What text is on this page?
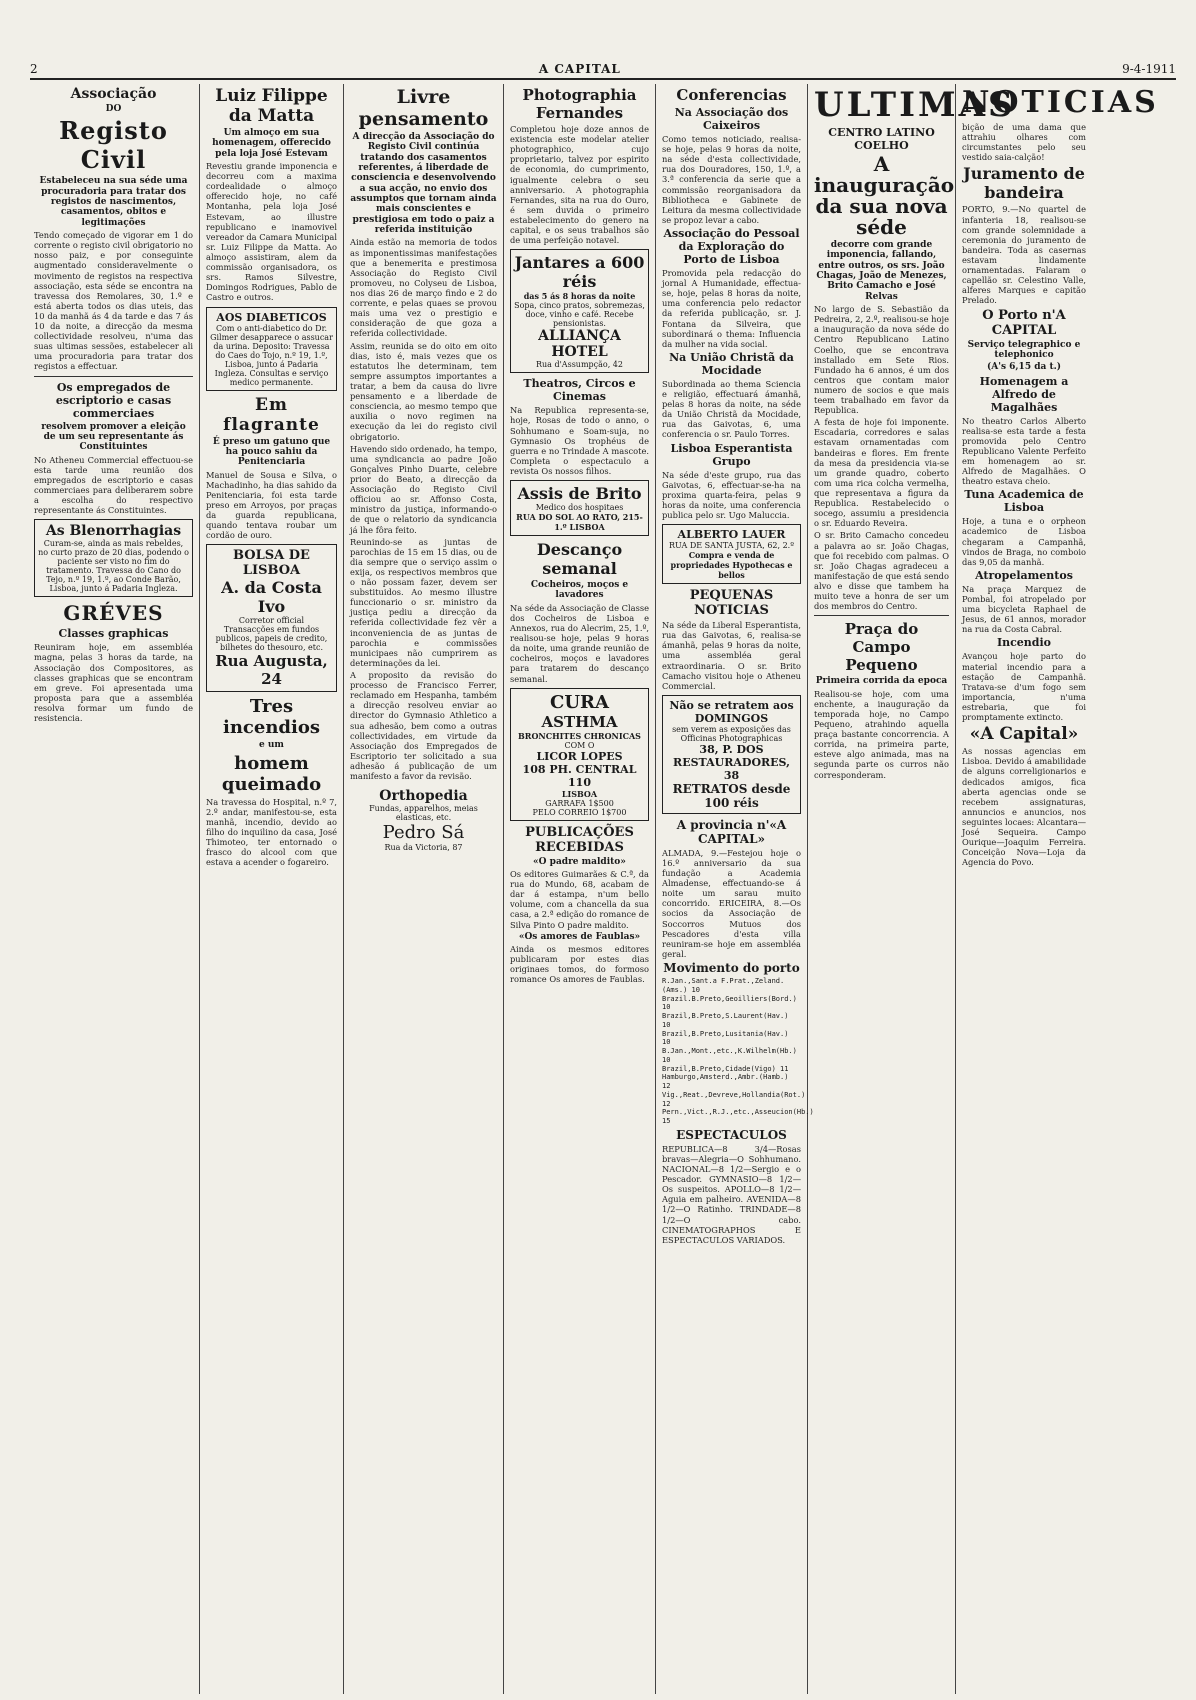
2	A CAPITAL	9-4-1911
Associação
DO
Registo Civil
Estabeleceu na sua séde uma procuradoria para tratar dos registos de nascimentos, casamentos, obitos e legitimações

Tendo começado de vigorar em 1 do corrente o registo civil obrigatorio no nosso paiz, e por conseguinte augmentado consideravelmente o movimento de registos na respectiva associação, esta séde se encontra na travessa dos Remolares, 30, 1.º e está aberta todos os dias uteis, das 10 da manhã ás 4 da tarde e das 7 ás 10 da noite, a direcção da mesma collectividade resolveu, n'uma das suas ultimas sessões, estabelecer ali uma procuradoria para tratar dos registos a effectuar.

Os empregados de escriptorio e casas commerciaes
resolvem promover a eleição de um seu representante ás Constituintes

No Atheneu Commercial effectuou-se esta tarde uma reunião dos empregados de escriptorio e casas commerciaes para deliberarem sobre a escolha do respectivo representante ás Constituintes.

As Blenorrhagias
Curam-se, ainda as mais rebeldes, no curto prazo de 20 dias, podendo o paciente ser visto no fim do tratamento. Travessa do Cano do Tejo, n.º 19, 1.º, ao Conde Barão, Lisboa, junto á Padaria Ingleza.
GRÉVES
Classes graphicas

Reuniram hoje, em assembléa magna, pelas 3 horas da tarde, na Associação dos Compositores, as classes graphicas que se encontram em greve. Foi apresentada uma proposta para que a assembléa resolva formar um fundo de resistencia.

Luiz Filippe da Matta
Um almoço em sua homenagem, offerecido pela loja José Estevam

Revestiu grande imponencia e decorreu com a maxima cordealidade o almoço offerecido hoje, no café Montanha, pela loja José Estevam, ao illustre republicano e inamovivel vereador da Camara Municipal sr. Luiz Filippe da Matta. Ao almoço assistiram, alem da commissão organisadora, os srs. Ramos Silvestre, Domingos Rodrigues, Pablo de Castro e outros.

AOS DIABETICOS
Com o anti-diabetico do Dr. Gilmer desapparece o assucar da urina. Deposito: Travessa do Caes do Tojo, n.º 19, 1.º, Lisboa, junto á Padaria Ingleza. Consultas e serviço medico permanente.
Em flagrante
É preso um gatuno que ha pouco sahiu da Penitenciaria

Manuel de Sousa e Silva, o Machadinho, ha dias sahido da Penitenciaria, foi esta tarde preso em Arroyos, por praças da guarda republicana, quando tentava roubar um cordão de ouro.

BOLSA DE LISBOA
A. da Costa Ivo
Corretor official
Transacções em fundos publicos, papeis de credito, bilhetes do thesouro, etc.
Rua Augusta, 24
Tres incendios
e um
homem queimado

Na travessa do Hospital, n.º 7, 2.º andar, manifestou-se, esta manhã, incendio, devido ao filho do inquilino da casa, José Thimoteo, ter entornado o frasco do alcool com que estava a acender o fogareiro.

Livre pensamento
A direcção da Associação do Registo Civil continúa tratando dos casamentos referentes, á liberdade de consciencia e desenvolvendo a sua acção, no envio dos assumptos que tornam ainda mais conscientes e prestigiosa em todo o paiz a referida instituição

Ainda estão na memoria de todos as imponentissimas manifestações que a benemerita e prestimosa Associação do Registo Civil promoveu, no Colyseu de Lisboa, nos dias 26 de março findo e 2 do corrente, e pelas quaes se provou mais uma vez o prestigio e consideração de que goza a referida collectividade.

Assim, reunida se do oito em oito dias, isto é, mais vezes que os estatutos lhe determinam, tem sempre assumptos importantes a tratar, a bem da causa do livre pensamento e a liberdade de consciencia, ao mesmo tempo que auxilia o novo regimen na execução da lei do registo civil obrigatorio.

Havendo sido ordenado, ha tempo, uma syndicancia ao padre João Gonçalves Pinho Duarte, celebre prior do Beato, a direcção da Associação do Registo Civil officiou ao sr. Affonso Costa, ministro da justiça, informando-o de que o relatorio da syndicancia já lhe fôra feito.

Reunindo-se as juntas de parochias de 15 em 15 dias, ou de dia sempre que o serviço assim o exija, os respectivos membros que o não possam fazer, devem ser substituidos. Ao mesmo illustre funccionario o sr. ministro da justiça pediu a direcção da referida collectividade fez vêr a inconveniencia de as juntas de parochia e commissões municipaes não cumprirem as determinações da lei.

A proposito da revisão do processo de Francisco Ferrer, reclamado em Hespanha, também a direcção resolveu enviar ao director do Gymnasio Athletico a sua adhesão, bem como a outras collectividades, em virtude da Associação dos Empregados de Escriptorio ter solicitado a sua adhesão á publicação de um manifesto a favor da revisão.

Orthopedia
Fundas, apparelhos, meias elasticas, etc.
Pedro Sá
Rua da Victoria, 87
Photographia Fernandes

Completou hoje doze annos de existencia este modelar atelier photographico, cujo proprietario, talvez por espirito de economia, do cumprimento, igualmente celebra o seu anniversario. A photographia Fernandes, sita na rua do Ouro, é sem duvida o primeiro estabelecimento do genero na capital, e os seus trabalhos são de uma perfeição notavel.

Jantares a 600 réis
das 5 ás 8 horas da noite
Sopa, cinco pratos, sobremezas, doce, vinho e café. Recebe pensionistas.
ALLIANÇA HOTEL
Rua d'Assumpção, 42
Theatros, Circos e Cinemas

Na Republica representa-se, hoje, Rosas de todo o anno, o Sohhumano e Soam-suja, no Gymnasio Os trophéus de guerra e no Trindade A mascote. Completa o espectaculo a revista Os nossos filhos.

Assis de Brito
Medico dos hospitaes
RUA DO SOL AO RATO, 215-1.º LISBOA
Descanço semanal
Cocheiros, moços e lavadores

Na séde da Associação de Classe dos Cocheiros de Lisboa e Annexos, rua do Alecrim, 25, 1.º, realisou-se hoje, pelas 9 horas da noite, uma grande reunião de cocheiros, moços e lavadores para tratarem do descanço semanal.

CURA
ASTHMA
BRONCHITES CHRONICAS
COM O
LICOR LOPES
108 PH. CENTRAL 110
LISBOA
GARRAFA 1$500
PELO CORREIO 1$700
PUBLICAÇÕES RECEBIDAS
«O padre maldito»

Os editores Guimarães & C.ª, da rua do Mundo, 68, acabam de dar á estampa, n'um bello volume, com a chancella da sua casa, a 2.ª edição do romance de Silva Pinto O padre maldito.

«Os amores de Faublas»

Ainda os mesmos editores publicaram por estes dias originaes tomos, do formoso romance Os amores de Faublas.

Conferencias
Na Associação dos Caixeiros

Como temos noticiado, realisa-se hoje, pelas 9 horas da noite, na séde d'esta collectividade, rua dos Douradores, 150, 1.º, a 3.ª conferencia da serie que a commissão reorganisadora da Bibliotheca e Gabinete de Leitura da mesma collectividade se propoz levar a cabo.

Associação do Pessoal da Exploração do Porto de Lisboa

Promovida pela redacção do jornal A Humanidade, effectua-se, hoje, pelas 8 horas da noite, uma conferencia pelo redactor da referida publicação, sr. J. Fontana da Silveira, que subordinará o thema: Influencia da mulher na vida social.

Na União Christã da Mocidade

Subordinada ao thema Sciencia e religião, effectuará ámanhã, pelas 8 horas da noite, na séde da União Christã da Mocidade, rua das Gaivotas, 6, uma conferencia o sr. Paulo Torres.

Lisboa Esperantista Grupo

Na séde d'este grupo, rua das Gaivotas, 6, effectuar-se-ha na proxima quarta-feira, pelas 9 horas da noite, uma conferencia publica pelo sr. Ugo Maluccia.

ALBERTO LAUER
RUA DE SANTA JUSTA, 62, 2.º
Compra e venda de propriedades Hypothecas e bellos
PEQUENAS NOTICIAS

Na séde da Liberal Esperantista, rua das Gaivotas, 6, realisa-se ámanhã, pelas 9 horas da noite, uma assembléa geral extraordinaria. O sr. Brito Camacho visitou hoje o Atheneu Commercial.

Não se retratem aos DOMINGOS
sem verem as exposições das Officinas Photographicas
38, P. DOS RESTAURADORES, 38
RETRATOS desde 100 réis
A provincia n'«A CAPITAL»

ALMADA, 9.—Festejou hoje o 16.º anniversario da sua fundação a Academia Almadense, effectuando-se á noite um sarau muito concorrido. ERICEIRA, 8.—Os socios da Associação de Soccorros Mutuos dos Pescadores d'esta villa reuniram-se hoje em assembléa geral.

Movimento do porto
R.Jan.,Sant.a F.Prat.,Zeland.(Ams.) 10
Brazil.B.Preto,Geoilliers(Bord.) 10
Brazil,B.Preto,S.Laurent(Hav.) 10
Brazil,B.Preto,Lusitania(Hav.) 10
B.Jan.,Mont.,etc.,K.Wilhelm(Hb.) 10
Brazil,B.Preto,Cidade(Vigo) 11
Hamburgo,Amsterd.,Ambr.(Hamb.) 12
Vig.,Reat.,Devreve,Hollandia(Rot.) 12
Pern.,Vict.,R.J.,etc.,Asseucion(Hb.) 15
ESPECTACULOS

REPUBLICA—8 3/4—Rosas bravas—Alegria—O Sohhumano. NACIONAL—8 1/2—Sergio e o Pescador. GYMNASIO—8 1/2—Os suspeitos. APOLLO—8 1/2—Aguia em palheiro. AVENIDA—8 1/2—O Ratinho. TRINDADE—8 1/2—O cabo. CINEMATOGRAPHOS E ESPECTACULOS VARIADOS.

ULTIMAS
CENTRO LATINO COELHO
A inauguração
da sua nova séde
decorre com grande imponencia, fallando, entre outros, os srs. João Chagas, João de Menezes, Brito Camacho e José Relvas

No largo de S. Sebastião da Pedreira, 2, 2.º, realisou-se hoje a inauguração da nova séde do Centro Republicano Latino Coelho, que se encontrava installado em Sete Rios. Fundado ha 6 annos, é um dos centros que contam maior numero de socios e que mais teem trabalhado em favor da Republica.

A festa de hoje foi imponente. Escadaria, corredores e salas estavam ornamentadas com bandeiras e flores. Em frente da mesa da presidencia via-se um grande quadro, coberto com uma rica colcha vermelha, que representava a figura da Republica. Restabelecido o socego, assumiu a presidencia o sr. Eduardo Reveira.

O sr. Brito Camacho concedeu a palavra ao sr. João Chagas, que foi recebido com palmas. O sr. João Chagas agradeceu a manifestação de que está sendo alvo e disse que tambem ha muito teve a honra de ser um dos membros do Centro.

Praça do Campo Pequeno
Primeira corrida da epoca

Realisou-se hoje, com uma enchente, a inauguração da temporada hoje, no Campo Pequeno, atrahindo aquella praça bastante concorrencia. A corrida, na primeira parte, esteve algo animada, mas na segunda parte os curros não corresponderam.

NOTICIAS

bição de uma dama que attrahiu olhares com circumstantes pelo seu vestido saia-calção!

Juramento de bandeira

PORTO, 9.—No quartel de infanteria 18, realisou-se com grande solemnidade a ceremonia do juramento de bandeira. Toda as casernas estavam lindamente ornamentadas. Falaram o capellão sr. Celestino Valle, alferes Marques e capitão Prelado.

O Porto n'A CAPITAL
Serviço telegraphico e telephonico
(A's 6,15 da t.)
Homenagem a Alfredo de Magalhães

No theatro Carlos Alberto realisa-se esta tarde a festa promovida pelo Centro Republicano Valente Perfeito em homenagem ao sr. Alfredo de Magalhães. O theatro estava cheio.

Tuna Academica de Lisboa

Hoje, a tuna e o orpheon academico de Lisboa chegaram a Campanhã, vindos de Braga, no comboio das 9,05 da manhã.

Atropelamentos

Na praça Marquez de Pombal, foi atropelado por uma bicycleta Raphael de Jesus, de 61 annos, morador na rua da Costa Cabral.

Incendio

Avançou hoje parto do material incendio para a estação de Campanhã. Tratava-se d'um fogo sem importancia, n'uma estrebaria, que foi promptamente extincto.

«A Capital»

As nossas agencias em Lisboa. Devido á amabilidade de alguns correligionarios e dedicados amigos, fica aberta agencias onde se recebem assignaturas, annuncios e anuncios, nos seguintes locaes: Alcantara—José Sequeira. Campo Ourique—Joaquim Ferreira. Conceição Nova—Loja da Agencia do Povo.
